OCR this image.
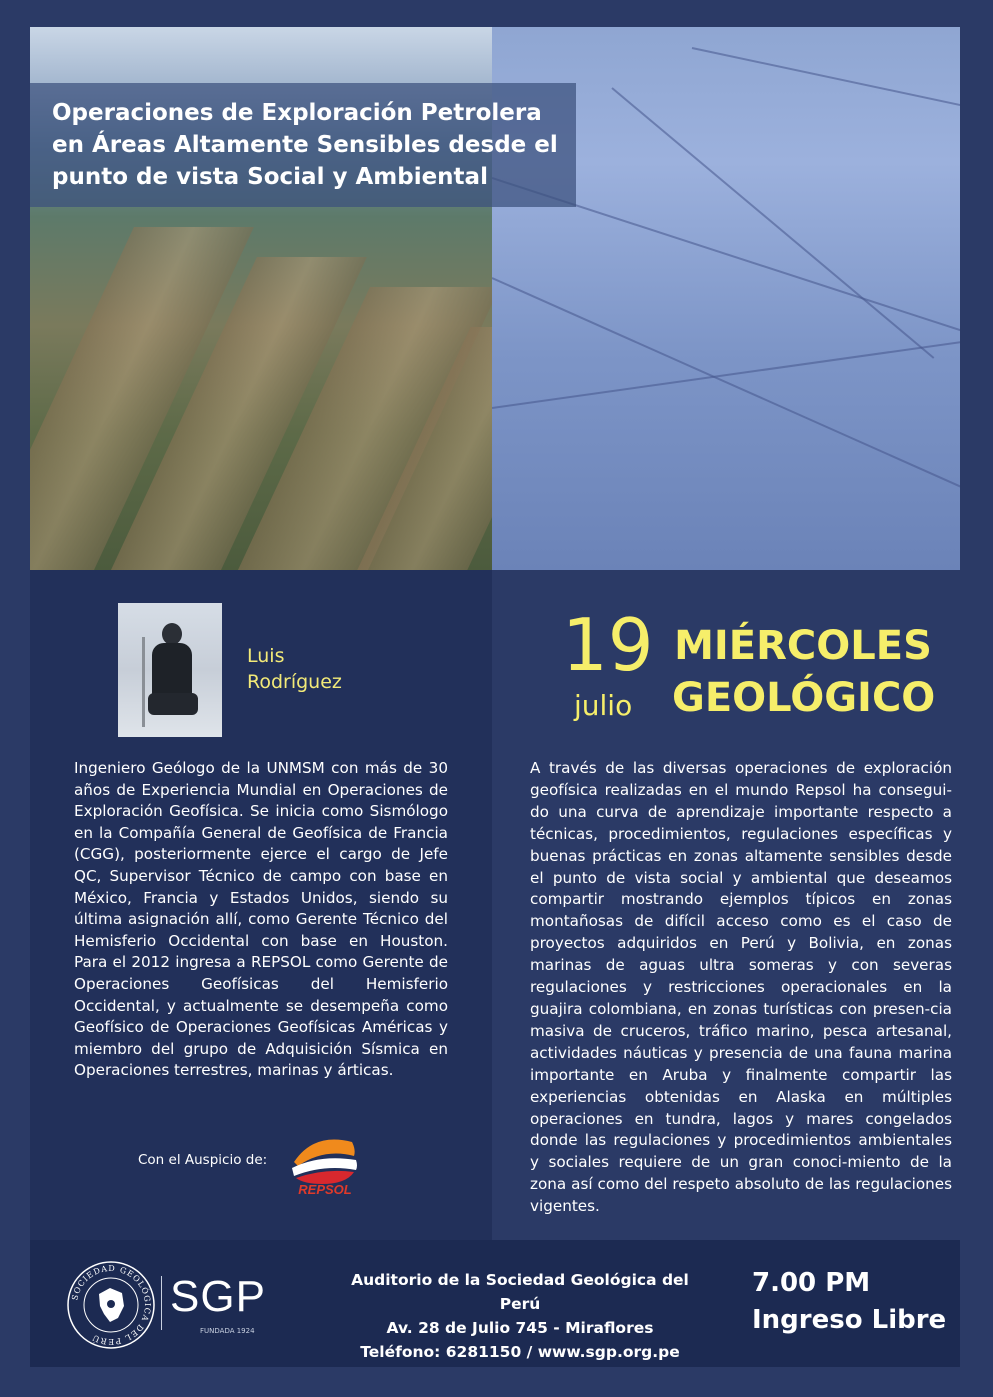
Operaciones de Exploración Petrolera en Áreas Altamente Sensibles desde el punto de vista Social y Ambiental
Luis
Rodríguez
Ingeniero Geólogo de la UNMSM con más de 30 años de Experiencia Mundial en Operaciones de Exploración Geofísica. Se inicia como Sismólogo en la Compañía General de Geofísica de Francia (CGG), posteriormente ejerce el cargo de Jefe QC, Supervisor Técnico de campo con base en México, Francia y Estados Unidos, siendo su última asignación allí, como Gerente Técnico del Hemisferio Occidental con base en Houston. Para el 2012 ingresa a REPSOL como Gerente de Operaciones Geofísicas del Hemisferio Occidental, y actualmente se desempeña como Geofísico de Operaciones Geofísicas Américas y miembro del grupo de Adquisición Sísmica en Operaciones terrestres, marinas y árticas.
Con el Auspicio de:
REPSOL
19
julio
MIÉRCOLES
GEOLÓGICO
A través de las diversas operaciones de exploración geofísica realizadas en el mundo Repsol ha consegui-do una curva de aprendizaje importante respecto a técnicas, procedimientos, regulaciones específicas y buenas prácticas en zonas altamente sensibles desde el punto de vista social y ambiental que deseamos compartir mostrando ejemplos típicos en zonas montañosas de difícil acceso como es el caso de proyectos adquiridos en Perú y Bolivia, en zonas marinas de aguas ultra someras y con severas regulaciones y restricciones operacionales en la guajira colombiana, en zonas turísticas con presen-cia masiva de cruceros, tráfico marino, pesca artesanal, actividades náuticas y presencia de una fauna marina importante en Aruba y finalmente compartir las experiencias obtenidas en Alaska en múltiples operaciones en tundra, lagos y mares congelados donde las regulaciones y procedimientos ambientales y sociales requiere de un gran conoci-miento de la zona así como del respeto absoluto de las regulaciones vigentes.
SOCIEDAD GEOLÓGICA DEL PERÚ
SGP
FUNDADA 1924
Auditorio de la Sociedad Geológica del Perú
Av. 28 de Julio 745 - Miraflores
Teléfono: 6281150 / www.sgp.org.pe
7.00 PM
Ingreso Libre
